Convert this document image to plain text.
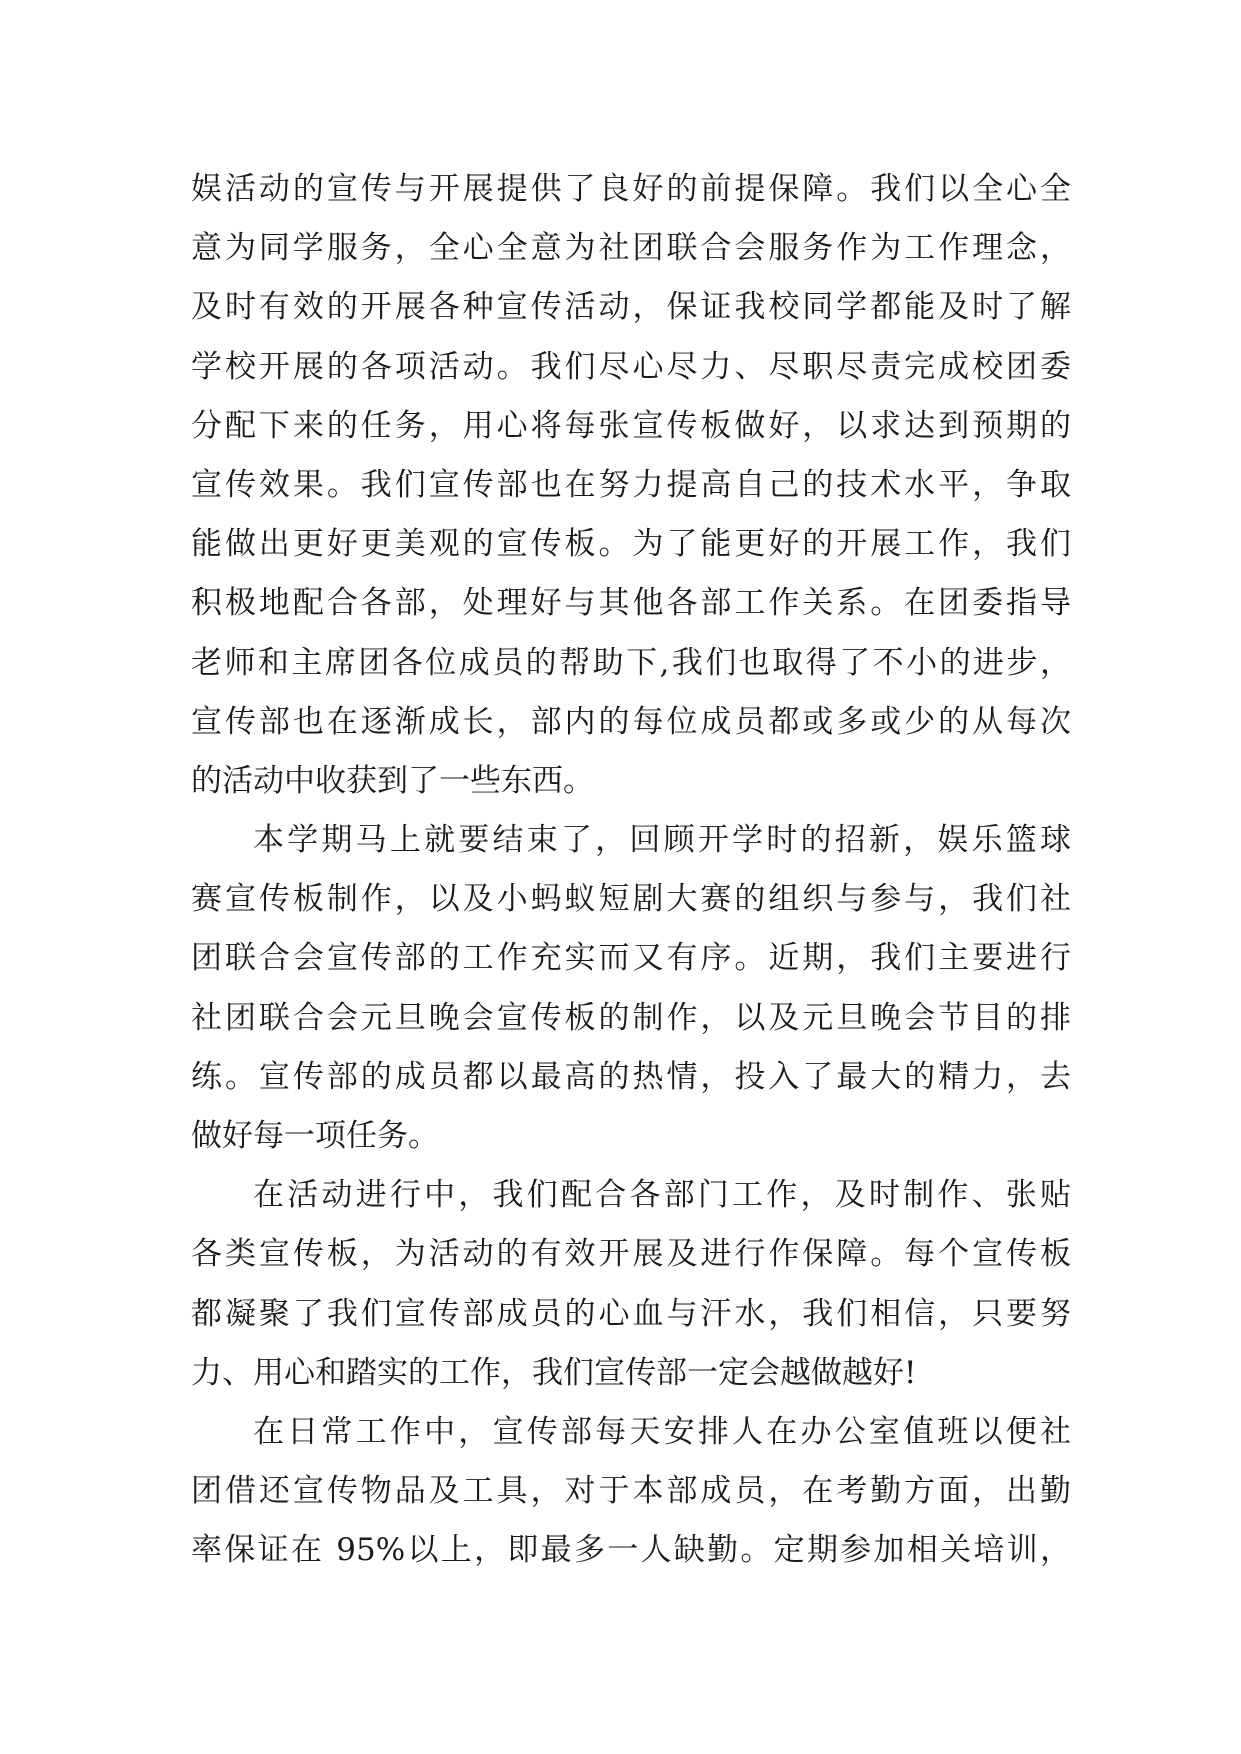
娱活动的宣传与开展提供了良好的前提保障。我们以全心全
意为同学服务，全心全意为社团联合会服务作为工作理念，
及时有效的开展各种宣传活动，保证我校同学都能及时了解
学校开展的各项活动。我们尽心尽力、尽职尽责完成校团委
分配下来的任务，用心将每张宣传板做好，以求达到预期的
宣传效果。我们宣传部也在努力提高自己的技术水平，争取
能做出更好更美观的宣传板。为了能更好的开展工作，我们
积极地配合各部，处理好与其他各部工作关系。在团委指导
老师和主席团各位成员的帮助下,我们也取得了不小的进步，
宣传部也在逐渐成长，部内的每位成员都或多或少的从每次
的活动中收获到了一些东西。
本学期马上就要结束了，回顾开学时的招新，娱乐篮球
赛宣传板制作，以及小蚂蚁短剧大赛的组织与参与，我们社
团联合会宣传部的工作充实而又有序。近期，我们主要进行
社团联合会元旦晚会宣传板的制作，以及元旦晚会节目的排
练。宣传部的成员都以最高的热情，投入了最大的精力，去
做好每一项任务。
在活动进行中，我们配合各部门工作，及时制作、张贴
各类宣传板，为活动的有效开展及进行作保障。每个宣传板
都凝聚了我们宣传部成员的心血与汗水，我们相信，只要努
力、用心和踏实的工作，我们宣传部一定会越做越好!
在日常工作中，宣传部每天安排人在办公室值班以便社
团借还宣传物品及工具，对于本部成员，在考勤方面，出勤
率保证在 95%以上，即最多一人缺勤。定期参加相关培训，
